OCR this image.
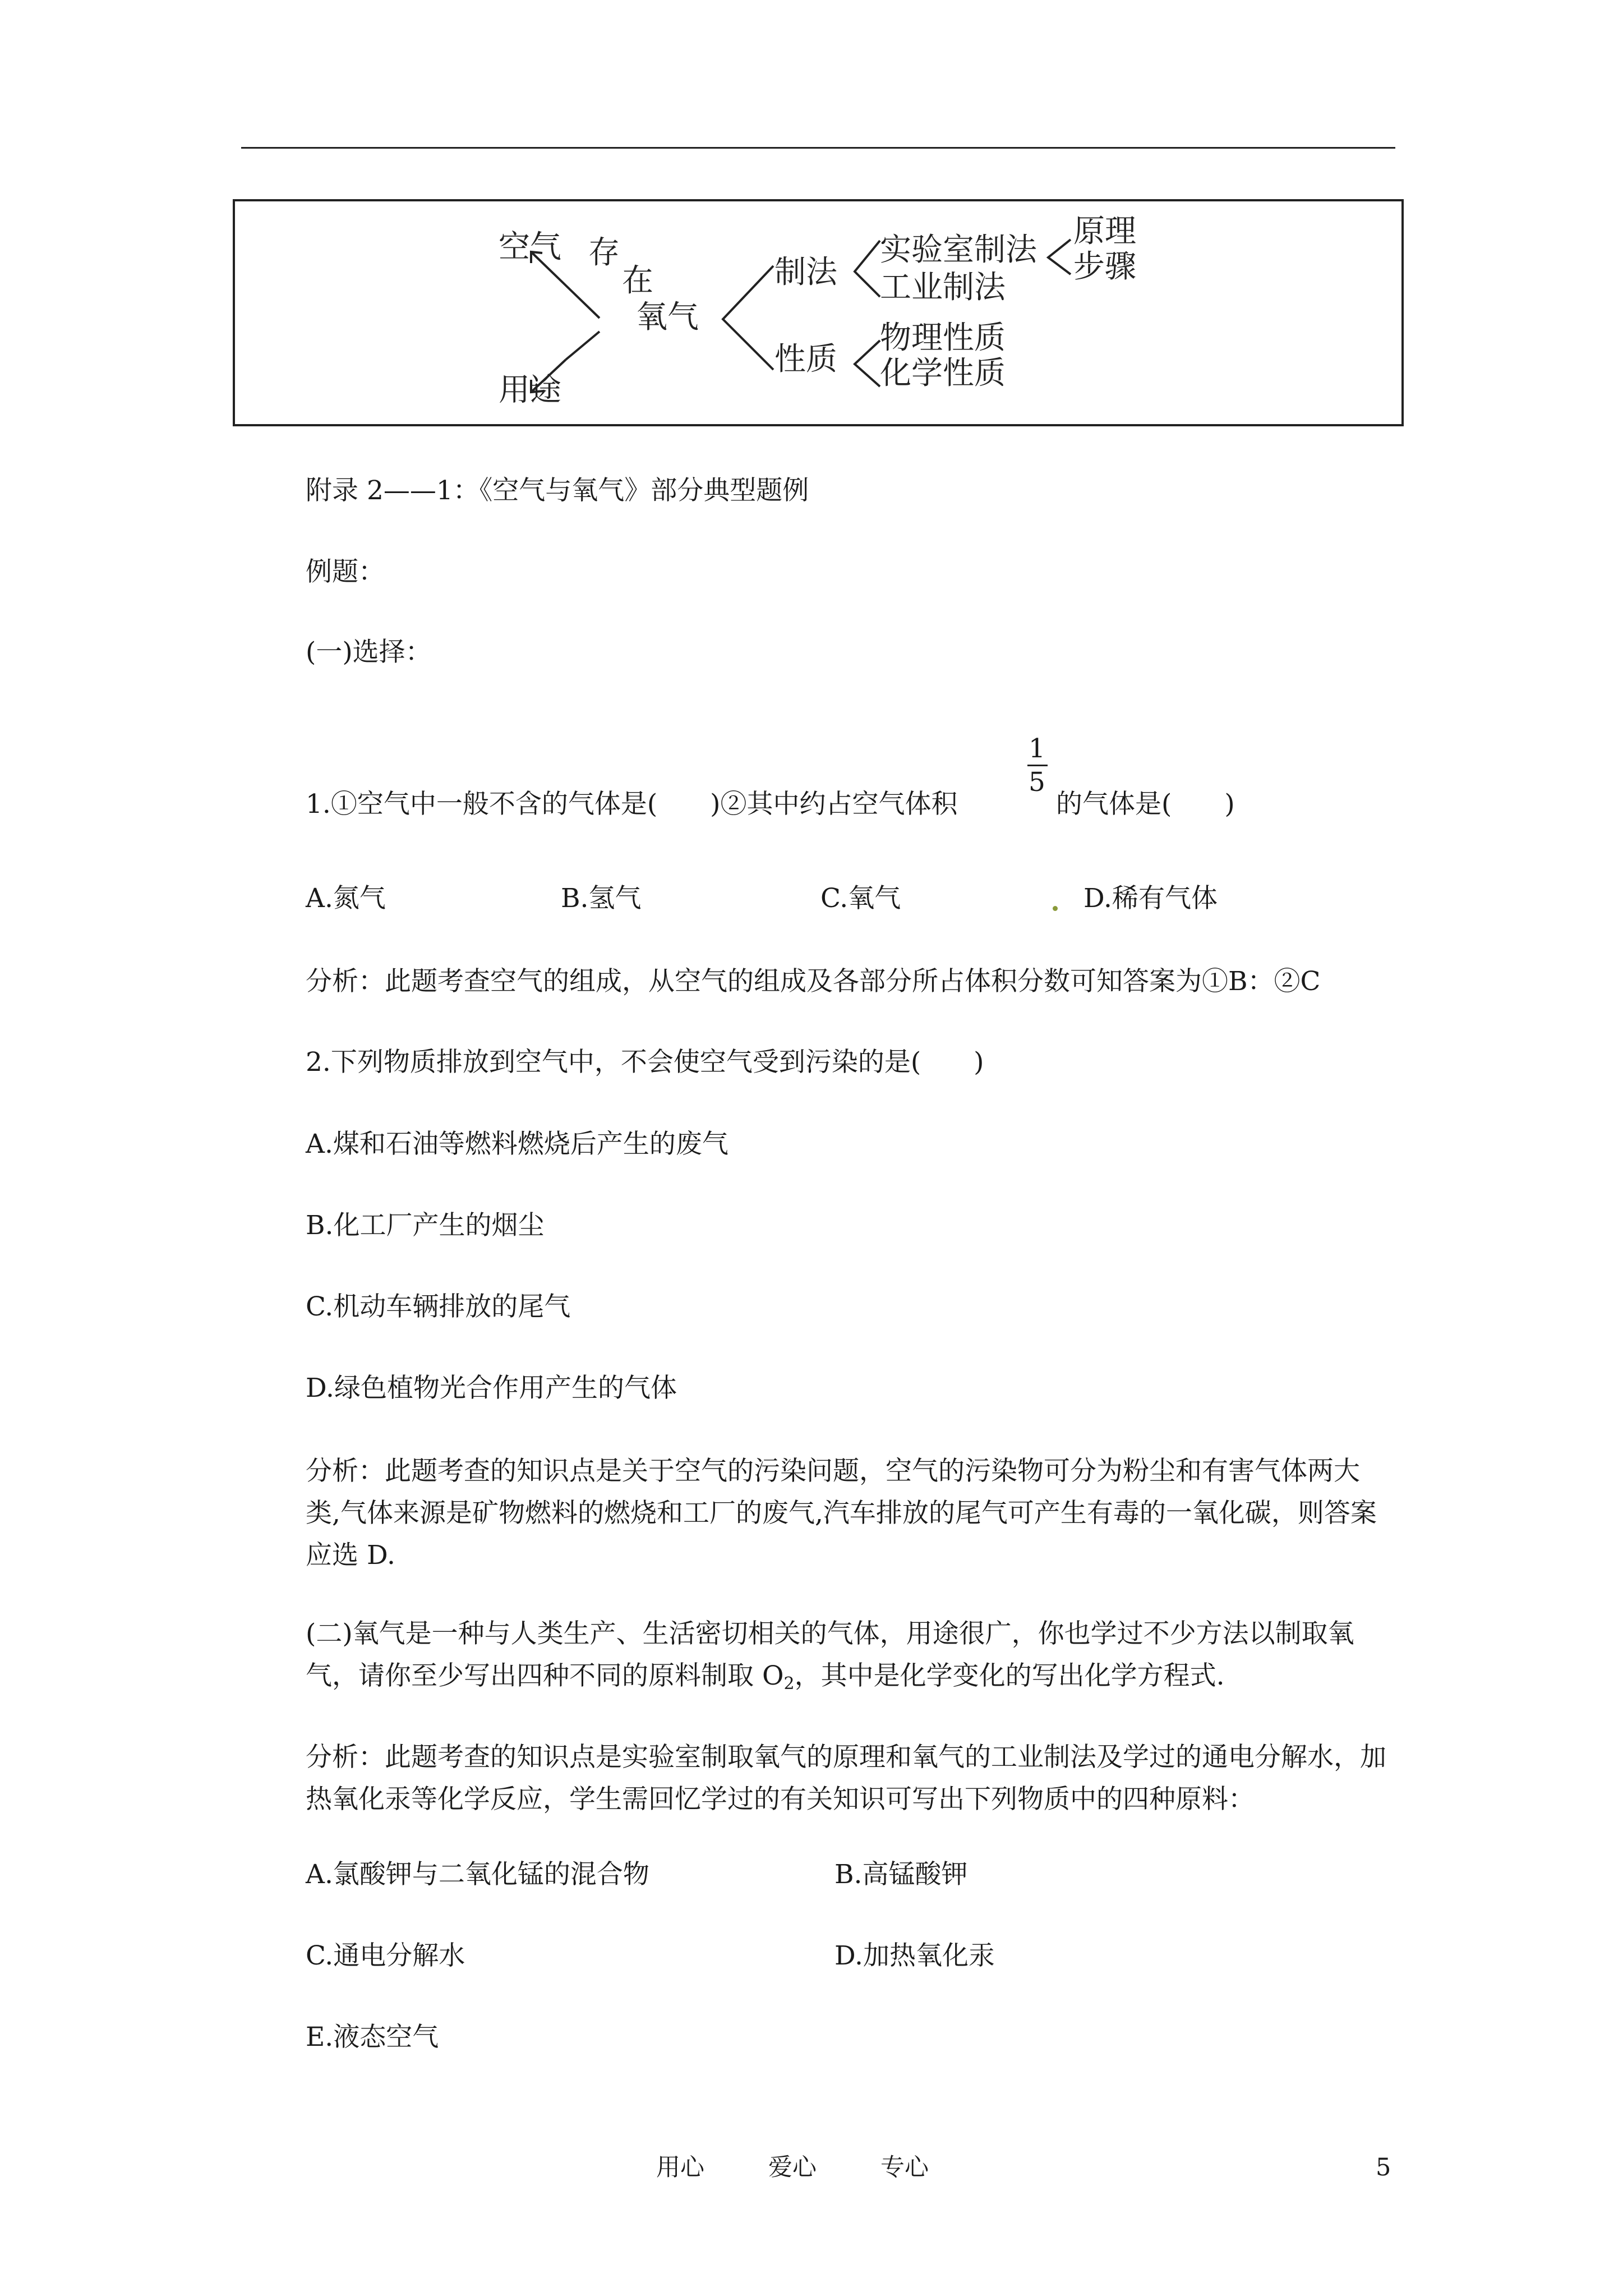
空气 存
在
用途
氧气
制法
性质
实验室制法
工业制法
原理
步骤
物理性质
化学性质
附录 2——1：《空气与氧气》部分典型题例
例题：
(一)选择：
1.①空气中一般不含的气体是(　　)②其中约占空气体积
1
5
的气体是(　　)
A.氮气	B.氢气	C.氧气	D.稀有气体
分析：此题考查空气的组成，从空气的组成及各部分所占体积分数可知答案为①B：②C
2.下列物质排放到空气中，不会使空气受到污染的是(　　)
A.煤和石油等燃料燃烧后产生的废气
B.化工厂产生的烟尘
C.机动车辆排放的尾气
D.绿色植物光合作用产生的气体
分析：此题考查的知识点是关于空气的污染问题，空气的污染物可分为粉尘和有害气体两大类,气体来源是矿物燃料的燃烧和工厂的废气,汽车排放的尾气可产生有毒的一氧化碳，则答案应选 D.
(二)氧气是一种与人类生产、生活密切相关的气体，用途很广，你也学过不少方法以制取氧气，请你至少写出四种不同的原料制取 $O_2$，其中是化学变化的写出化学方程式.
分析：此题考查的知识点是实验室制取氧气的原理和氧气的工业制法及学过的通电分解水，加热氧化汞等化学反应，学生需回忆学过的有关知识可写出下列物质中的四种原料：
A.氯酸钾与二氧化锰的混合物	B.高锰酸钾
C.通电分解水	D.加热氧化汞
E.液态空气
用心	爱心	专心	5
